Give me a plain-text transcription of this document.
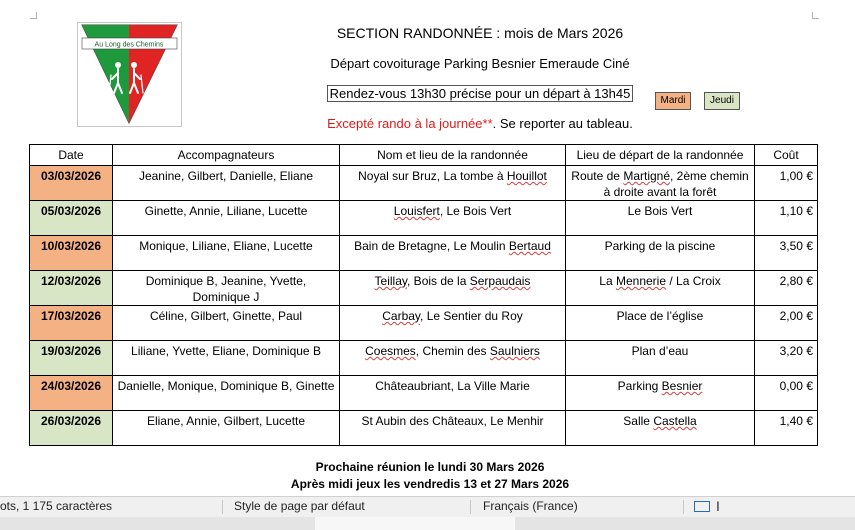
Au Long des Chemins
SECTION RANDONNÉE : mois de Mars 2026
Départ covoiturage Parking Besnier Emeraude Ciné
Rendez-vous 13h30 précise pour un départ à 13h45
Excepté rando à la journée**. Se reporter au tableau.
Mardi	Jeudi
Date	Accompagnateurs	Nom et lieu de la randonnée	Lieu de départ de la randonnée	Coût
03/03/2026	Jeanine, Gilbert, Danielle, Eliane	Noyal sur Bruz, La tombe à Houillot	Route de Martigné, 2ème chemin à droite avant la forêt	1,00 €
05/03/2026	Ginette, Annie, Liliane, Lucette	Louisfert, Le Bois Vert	Le Bois Vert	1,10 €
10/03/2026	Monique, Liliane, Eliane, Lucette	Bain de Bretagne, Le Moulin Bertaud	Parking de la piscine	3,50 €
12/03/2026	Dominique B, Jeanine, Yvette, Dominique J	Teillay, Bois de la Serpaudais	La Mennerie / La Croix	2,80 €
17/03/2026	Céline, Gilbert, Ginette, Paul	Carbay, Le Sentier du Roy	Place de l’église	2,00 €
19/03/2026	Liliane, Yvette, Eliane, Dominique B	Coesmes, Chemin des Saulniers	Plan d’eau	3,20 €
24/03/2026	Danielle, Monique, Dominique B, Ginette	Châteaubriant, La Ville Marie	Parking Besnier	0,00 €
26/03/2026	Eliane, Annie, Gilbert, Lucette	St Aubin des Châteaux, Le Menhir	Salle Castella	1,40 €
Prochaine réunion le lundi 30 Mars 2026
Après midi jeux les vendredis 13 et 27 Mars 2026
ots, 1 175 caractères	Style de page par défaut	Français (France)	I
